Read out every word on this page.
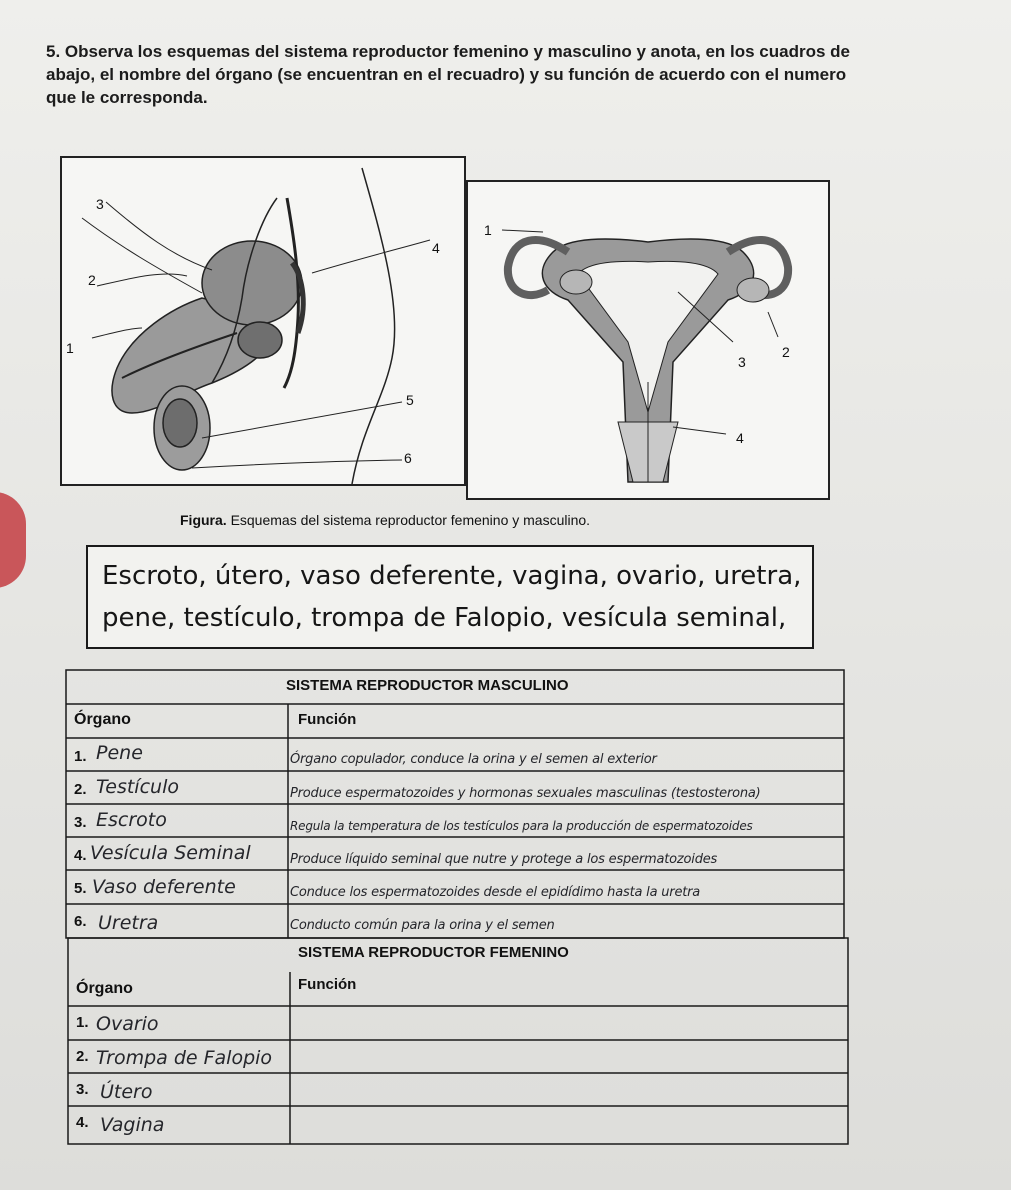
5. Observa los esquemas del sistema reproductor femenino y masculino y anota, en los cuadros de abajo, el nombre del órgano (se encuentran en el recuadro) y su función de acuerdo con el numero que le corresponda.

3
4
2
1
5
6
1
2
3
4
Figura. Esquemas del sistema reproductor femenino y masculino.
Escroto, útero, vaso deferente, vagina, ovario, uretra,
pene, testículo, trompa de Falopio, vesícula seminal,
SISTEMA REPRODUCTOR MASCULINO
Órgano	Función
1. Pene	Órgano copulador, conduce la orina y el semen al exterior
2. Testículo	Produce espermatozoides y hormonas sexuales masculinas (testosterona)
3. Escroto	Regula la temperatura de los testículos para la producción de espermatozoides
4. Vesícula Seminal	Produce líquido seminal que nutre y protege a los espermatozoides
5. Vaso deferente	Conduce los espermatozoides desde el epidídimo hasta la uretra
6. Uretra	Conducto común para la orina y el semen
SISTEMA REPRODUCTOR FEMENINO
Órgano	Función
1. Ovario
2. Trompa de Falopio
3. Útero
4. Vagina
